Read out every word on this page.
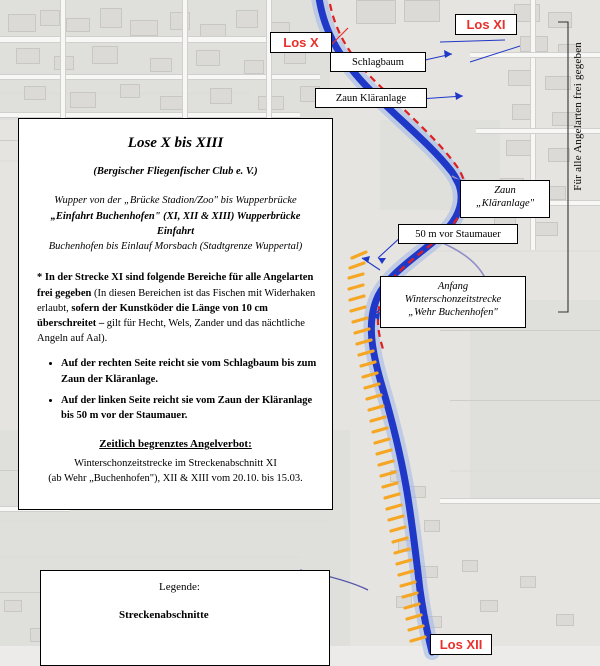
Los X
Los XI
Los XII
Schlagbaum
Zaun Kläranlage
Zaun
„Kläranlage"
50 m vor Staumauer
Anfang
Winterschonzeitstrecke
„Wehr Buchenhofen"
Für alle Angelarten frei gegeben
Lose X bis XIII
(Bergischer Fliegenfischer Club e. V.)
Wupper von der „Brücke Stadion/Zoo" bis Wupperbrücke
„Einfahrt Buchenhofen" (XI, XII & XIII) Wupperbrücke Einfahrt
Buchenhofen bis Einlauf Morsbach (Stadtgrenze Wuppertal)
* In der Strecke XI sind folgende Bereiche für alle Angelarten frei gegeben (In diesen Bereichen ist das Fischen mit Widerhaken erlaubt, sofern der Kunstköder die Länge von 10 cm überschreitet – gilt für Hecht, Wels, Zander und das nächtliche Angeln auf Aal).
• Auf der rechten Seite reicht sie vom Schlagbaum bis zum Zaun der Kläranlage.
• Auf der linken Seite reicht sie vom Zaun der Kläranlage bis 50 m vor der Staumauer.
Zeitlich begrenztes Angelverbot:
Winterschonzeitstrecke im Streckenabschnitt XI
(ab Wehr „Buchenhofen"), XII & XIII vom 20.10. bis 15.03.
Legende:
Streckenabschnitte
